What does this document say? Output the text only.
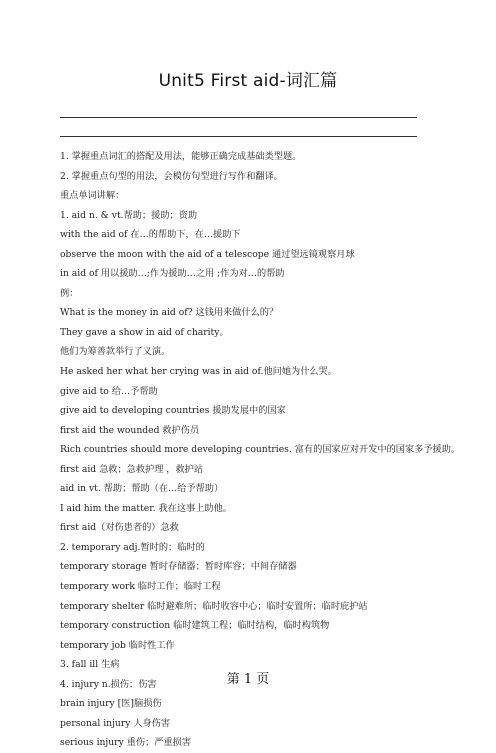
Unit5 First aid-词汇篇
1. 掌握重点词汇的搭配及用法，能够正确完成基础类型题。
2. 掌握重点句型的用法，会模仿句型进行写作和翻译。
重点单词讲解：
1. aid n. & vt.帮助；援助；资助
with the aid of 在…的帮助下，在…援助下
observe the moon with the aid of a telescope 通过望远镜观察月球
in aid of 用以援助…;作为援助…之用 ;作为对…的帮助
例：
What is the money in aid of? 这钱用来做什么的？
They gave a show in aid of charity。
他们为筹善款举行了义演。
He asked her what her crying was in aid of.他问她为什么哭。
give aid to 给…予帮助
give aid to developing countries 援助发展中的国家
first aid the wounded 救护伤员
Rich countries should more developing countries. 富有的国家应对开发中的国家多予援助。
first aid 急救；急救护理 ，救护站
aid in vt. 帮助；帮助（在…给予帮助）
I aid him the matter. 我在这事上助他。
first aid（对伤患者的）急救
2. temporary adj.暂时的；临时的
temporary storage 暂时存储器；暂时库容；中间存储器
temporary work 临时工作；临时工程
temporary shelter 临时避难所；临时收容中心；临时安置所；临时庇护站
temporary construction 临时建筑工程；临时结构，临时构筑物
temporary job 临时性工作
3. fall ill 生病
4. injury n.损伤；伤害
brain injury [医]脑损伤
personal injury 人身伤害
serious injury 重伤；严重损害
第 1 页
